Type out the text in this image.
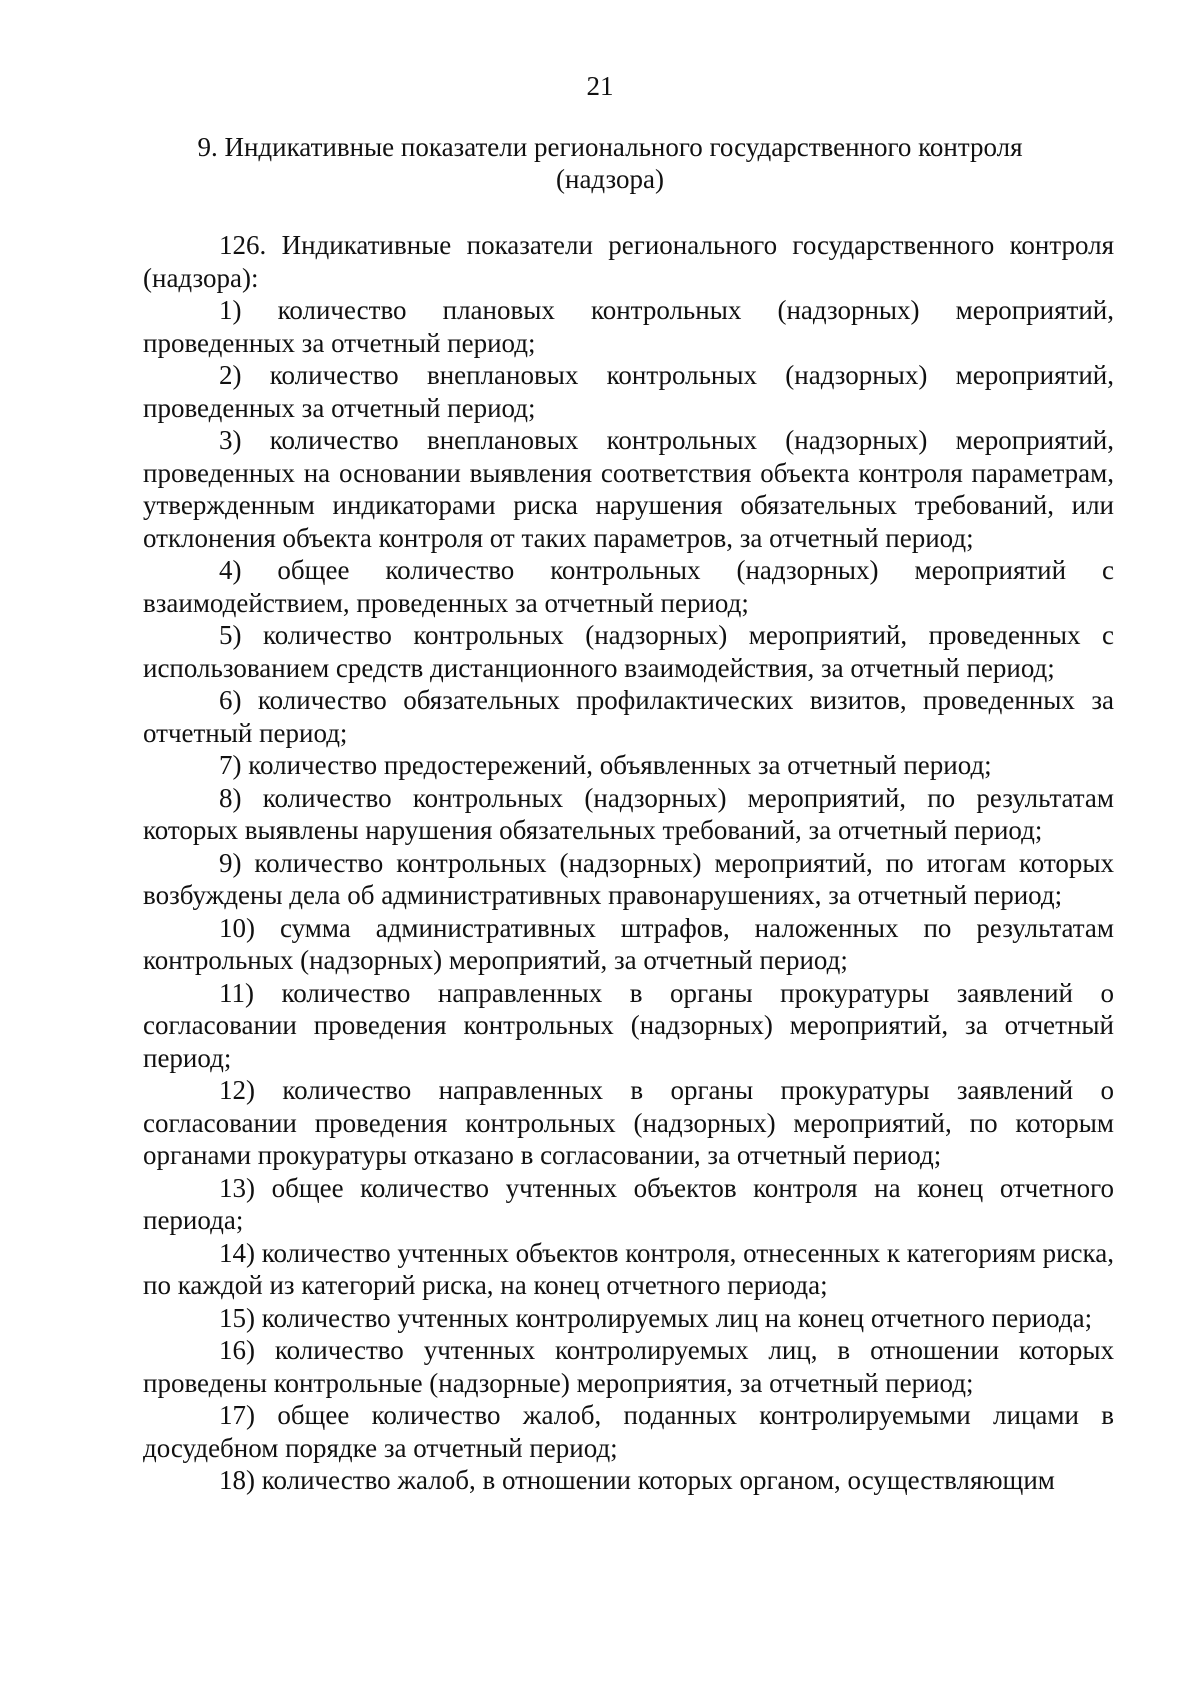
21
9. Индикативные показатели регионального государственного контроля
(надзора)

126. Индикативные показатели регионального государственного контроля (надзора):

1) количество плановых контрольных (надзорных) мероприятий, проведенных за отчетный период;

2) количество внеплановых контрольных (надзорных) мероприятий, проведенных за отчетный период;

3) количество внеплановых контрольных (надзорных) мероприятий, проведенных на основании выявления соответствия объекта контроля параметрам, утвержденным индикаторами риска нарушения обязательных требований, или отклонения объекта контроля от таких параметров, за отчетный период;

4) общее количество контрольных (надзорных) мероприятий с взаимодействием, проведенных за отчетный период;

5) количество контрольных (надзорных) мероприятий, проведенных с использованием средств дистанционного взаимодействия, за отчетный период;

6) количество обязательных профилактических визитов, проведенных за отчетный период;

7) количество предостережений, объявленных за отчетный период;

8) количество контрольных (надзорных) мероприятий, по результатам которых выявлены нарушения обязательных требований, за отчетный период;

9) количество контрольных (надзорных) мероприятий, по итогам которых возбуждены дела об административных правонарушениях, за отчетный период;

10) сумма административных штрафов, наложенных по результатам контрольных (надзорных) мероприятий, за отчетный период;

11) количество направленных в органы прокуратуры заявлений о согласовании проведения контрольных (надзорных) мероприятий, за отчетный период;

12) количество направленных в органы прокуратуры заявлений о согласовании проведения контрольных (надзорных) мероприятий, по которым органами прокуратуры отказано в согласовании, за отчетный период;

13) общее количество учтенных объектов контроля на конец отчетного периода;

14) количество учтенных объектов контроля, отнесенных к категориям риска, по каждой из категорий риска, на конец отчетного периода;

15) количество учтенных контролируемых лиц на конец отчетного периода;

16) количество учтенных контролируемых лиц, в отношении которых проведены контрольные (надзорные) мероприятия, за отчетный период;

17) общее количество жалоб, поданных контролируемыми лицами в досудебном порядке за отчетный период;

18) количество жалоб, в отношении которых органом, осуществляющим
